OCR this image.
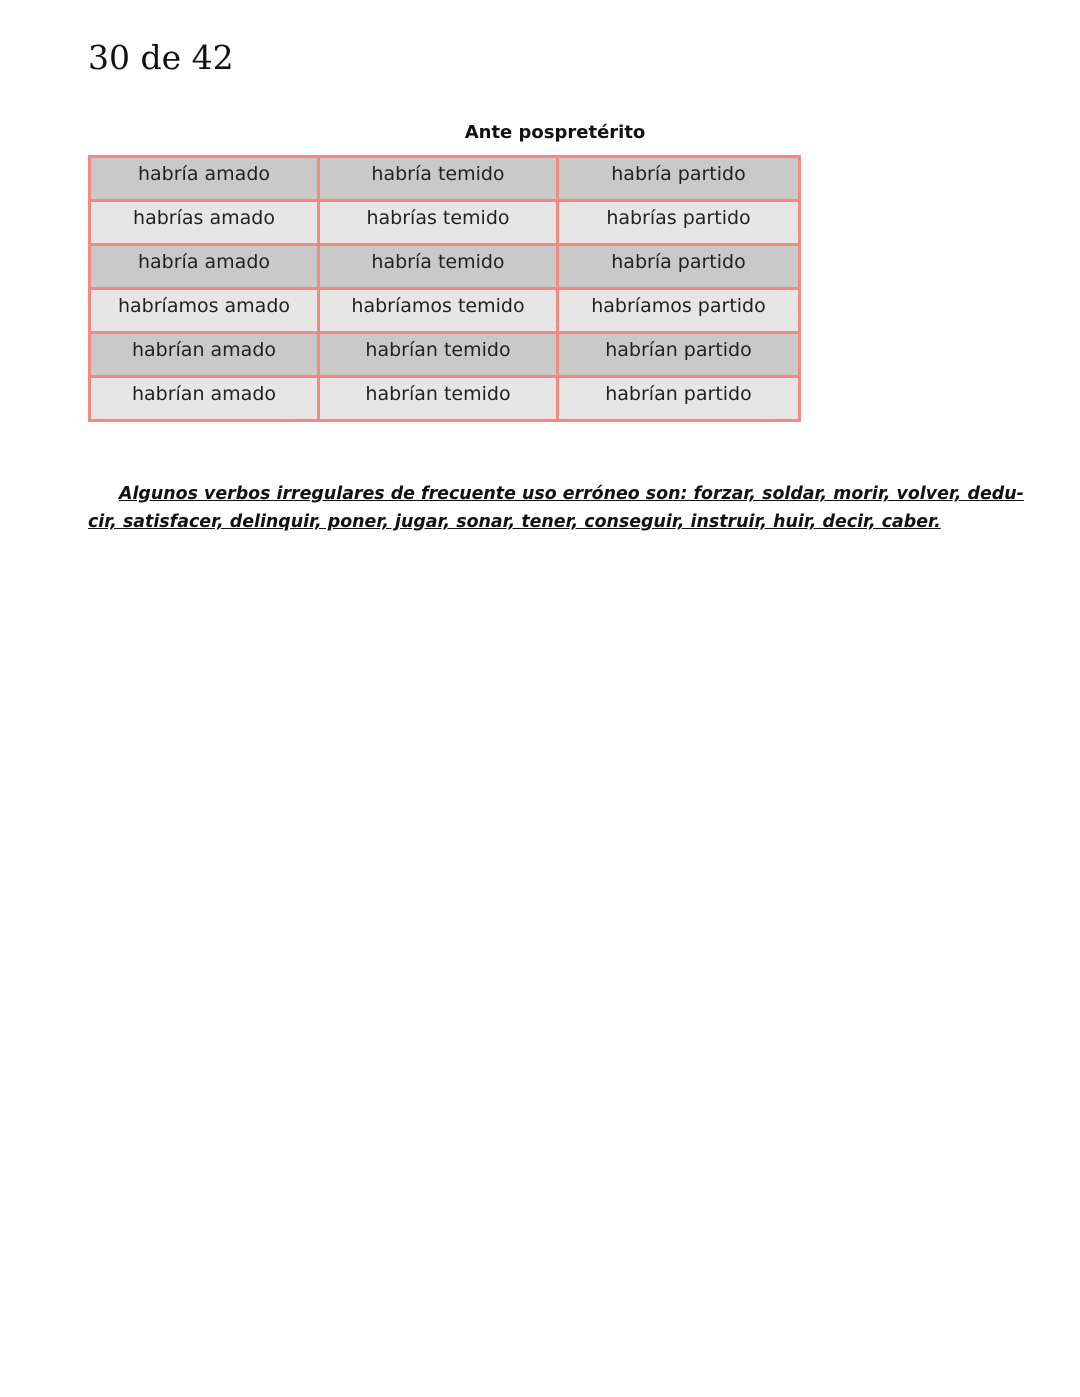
30 de 42
Ante pospretérito
habría amado	habría temido	habría partido
habrías amado	habrías temido	habrías partido
habría amado	habría temido	habría partido
habríamos amado	habríamos temido	habríamos partido
habrían amado	habrían temido	habrían partido
habrían amado	habrían temido	habrían partido

Algunos verbos irregulares de frecuente uso erróneo son: forzar, soldar, morir, volver, dedu-
cir, satisfacer, delinquir, poner, jugar, sonar, tener, conseguir, instruir, huir, decir, caber.
